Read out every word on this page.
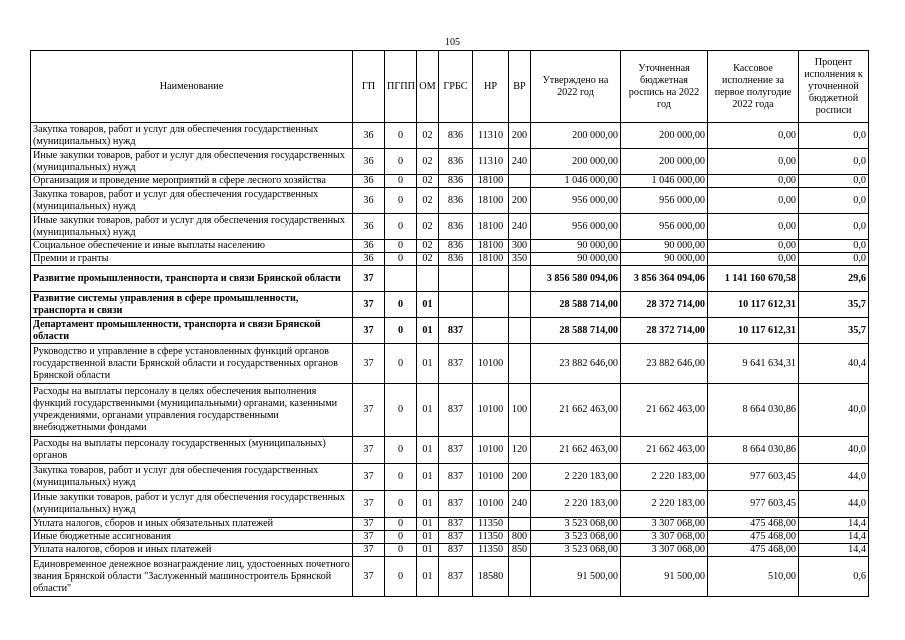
105
Наименование	ГП	ПГПП	ОМ	ГРБС	НР	ВР	Утверждено на 2022 год	Уточненная бюджетная роспись на 2022 год	Кассовое исполнение за первое полугодие 2022 года	Процент исполнения к уточненной бюджетной росписи
Закупка товаров, работ и услуг для обеспечения государственных (муниципальных) нужд	36	0	02	836	11310	200	200 000,00	200 000,00	0,00	0,0
Иные закупки товаров, работ и услуг для обеспечения государственных (муниципальных) нужд	36	0	02	836	11310	240	200 000,00	200 000,00	0,00	0,0
Организация и проведение мероприятий в сфере лесного хозяйства	36	0	02	836	18100		1 046 000,00	1 046 000,00	0,00	0,0
Закупка товаров, работ и услуг для обеспечения государственных (муниципальных) нужд	36	0	02	836	18100	200	956 000,00	956 000,00	0,00	0,0
Иные закупки товаров, работ и услуг для обеспечения государственных (муниципальных) нужд	36	0	02	836	18100	240	956 000,00	956 000,00	0,00	0,0
Социальное обеспечение и иные выплаты населению	36	0	02	836	18100	300	90 000,00	90 000,00	0,00	0,0
Премии и гранты	36	0	02	836	18100	350	90 000,00	90 000,00	0,00	0,0
Развитие промышленности, транспорта и связи Брянской области	37						3 856 580 094,06	3 856 364 094,06	1 141 160 670,58	29,6
Развитие системы управления в сфере промышленности, транспорта и связи	37	0	01				28 588 714,00	28 372 714,00	10 117 612,31	35,7
Департамент промышленности, транспорта и связи Брянской области	37	0	01	837			28 588 714,00	28 372 714,00	10 117 612,31	35,7
Руководство и управление в сфере установленных функций органов государственной власти Брянской области и государственных органов Брянской области	37	0	01	837	10100		23 882 646,00	23 882 646,00	9 641 634,31	40,4
Расходы на выплаты персоналу в целях обеспечения выполнения функций государственными (муниципальными) органами, казенными учреждениями, органами управления государственными внебюджетными фондами	37	0	01	837	10100	100	21 662 463,00	21 662 463,00	8 664 030,86	40,0
Расходы на выплаты персоналу государственных (муниципальных) органов	37	0	01	837	10100	120	21 662 463,00	21 662 463,00	8 664 030,86	40,0
Закупка товаров, работ и услуг для обеспечения государственных (муниципальных) нужд	37	0	01	837	10100	200	2 220 183,00	2 220 183,00	977 603,45	44,0
Иные закупки товаров, работ и услуг для обеспечения государственных (муниципальных) нужд	37	0	01	837	10100	240	2 220 183,00	2 220 183,00	977 603,45	44,0
Уплата налогов, сборов и иных обязательных платежей	37	0	01	837	11350		3 523 068,00	3 307 068,00	475 468,00	14,4
Иные бюджетные ассигнования	37	0	01	837	11350	800	3 523 068,00	3 307 068,00	475 468,00	14,4
Уплата налогов, сборов и иных платежей	37	0	01	837	11350	850	3 523 068,00	3 307 068,00	475 468,00	14,4
Единовременное денежное вознаграждение лиц, удостоенных почетного звания Брянской области "Заслуженный машиностроитель Брянской области"	37	0	01	837	18580		91 500,00	91 500,00	510,00	0,6
